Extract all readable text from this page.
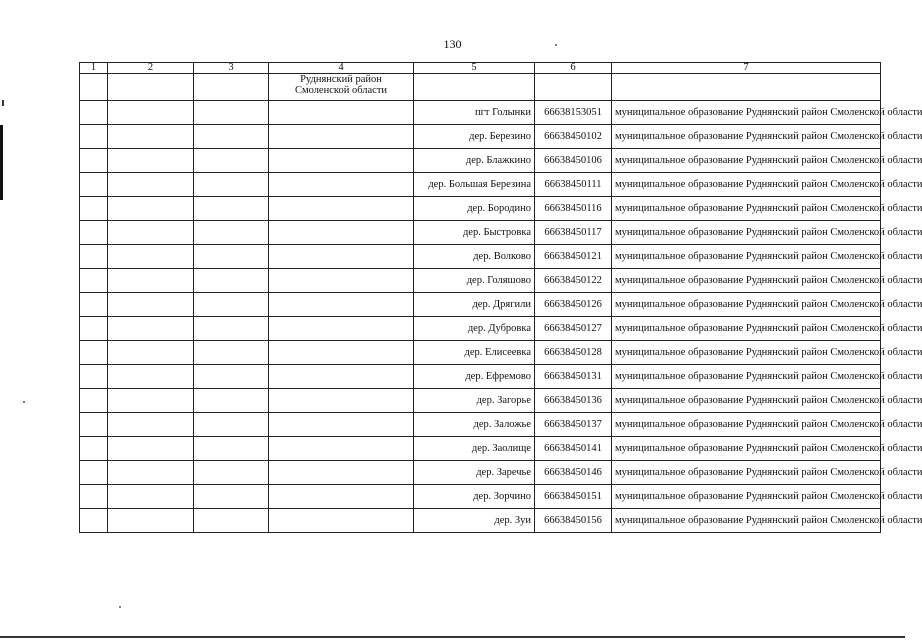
130
1	2	3	4	5	6	7
			Руднянский район
Смоленской области			
				пгт Голынки	66638153051	муниципальное образование Руднянский район Смоленской области
				дер. Березино	66638450102	муниципальное образование Руднянский район Смоленской области
				дер. Блажкино	66638450106	муниципальное образование Руднянский район Смоленской области
				дер. Большая Березина	66638450111	муниципальное образование Руднянский район Смоленской области
				дер. Бородино	66638450116	муниципальное образование Руднянский район Смоленской области
				дер. Быстровка	66638450117	муниципальное образование Руднянский район Смоленской области
				дер. Волково	66638450121	муниципальное образование Руднянский район Смоленской области
				дер. Голяшово	66638450122	муниципальное образование Руднянский район Смоленской области
				дер. Дрягили	66638450126	муниципальное образование Руднянский район Смоленской области
				дер. Дубровка	66638450127	муниципальное образование Руднянский район Смоленской области
				дер. Елисеевка	66638450128	муниципальное образование Руднянский район Смоленской области
				дер. Ефремово	66638450131	муниципальное образование Руднянский район Смоленской области
				дер. Загорье	66638450136	муниципальное образование Руднянский район Смоленской области
				дер. Заложье	66638450137	муниципальное образование Руднянский район Смоленской области
				дер. Заолище	66638450141	муниципальное образование Руднянский район Смоленской области
				дер. Заречье	66638450146	муниципальное образование Руднянский район Смоленской области
				дер. Зорчино	66638450151	муниципальное образование Руднянский район Смоленской области
				дер. Зуи	66638450156	муниципальное образование Руднянский район Смоленской области
